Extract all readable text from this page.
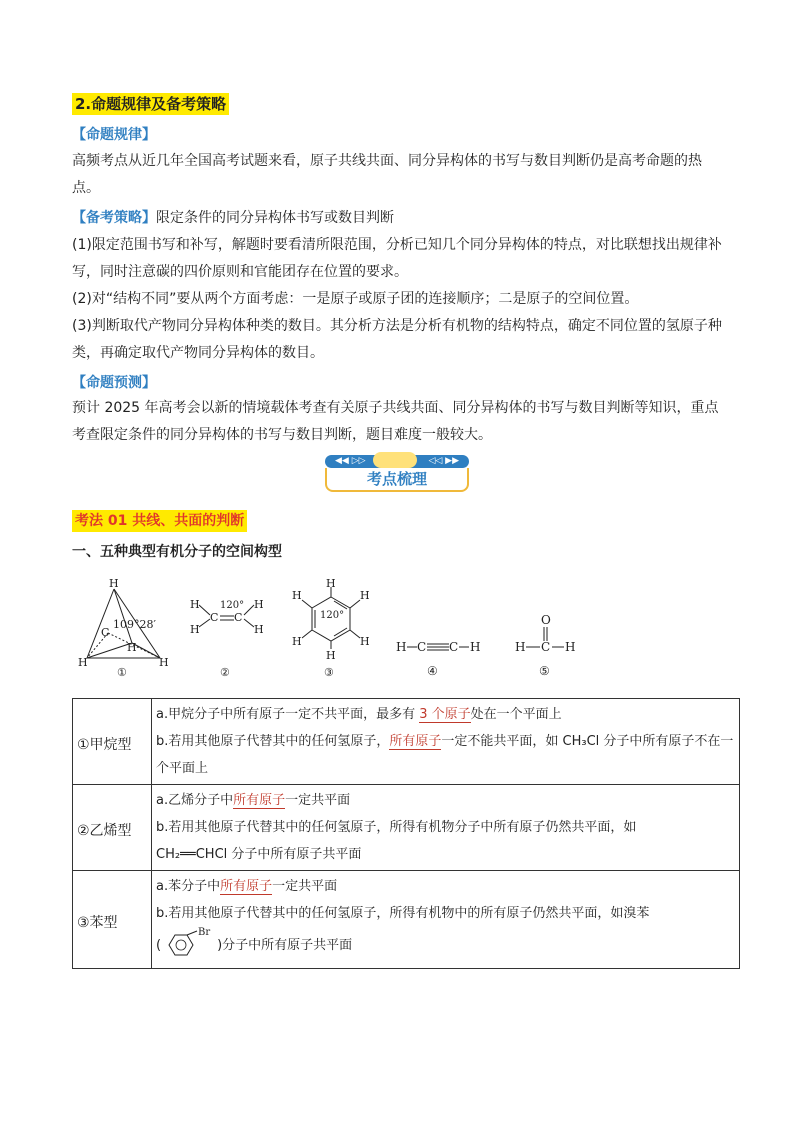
2.命题规律及备考策略
【命题规律】
高频考点从近几年全国高考试题来看，原子共线共面、同分异构体的书写与数目判断仍是高考命题的热
点。
【备考策略】限定条件的同分异构体书写或数目判断
(1)限定范围书写和补写，解题时要看清所限范围，分析已知几个同分异构体的特点，对比联想找出规律补
写，同时注意碳的四价原则和官能团存在位置的要求。
(2)对“结构不同”要从两个方面考虑：一是原子或原子团的连接顺序；二是原子的空间位置。
(3)判断取代产物同分异构体种类的数目。其分析方法是分析有机物的结构特点，确定不同位置的氢原子种
类，再确定取代产物同分异构体的数目。
【命题预测】
预计 2025 年高考会以新的情境载体考查有关原子共线共面、同分异构体的书写与数目判断等知识，重点
考查限定条件的同分异构体的书写与数目判断，题目难度一般较大。
◀◀ ▷▷	◁◁ ▶▶
考点梳理
考法 01 共线、共面的判断
一、五种典型有机分子的空间构型
H
C
H	H
H
109°28′
①
H
H
C C
H
H
120°
②
H
H
H
H
H
H
120°
③
H C C H
④
O
H C H
⑤
①甲烷型	a.甲烷分子中所有原子一定不共平面，最多有 3 个原子处在一个平面上
b.若用其他原子代替其中的任何氢原子，所有原子一定不能共平面，如 CH₃Cl 分子中所有原子不在一个平面上

②乙烯型	a.乙烯分子中所有原子一定共平面
b.若用其他原子代替其中的任何氢原子，所得有机物分子中所有原子仍然共平面，如
CH₂══CHCl 分子中所有原子共平面

③苯型	a.苯分子中所有原子一定共平面
b.若用其他原子代替其中的任何氢原子，所得有机物中的所有原子仍然共平面，如溴苯
(
Br
)分子中所有原子共平面
